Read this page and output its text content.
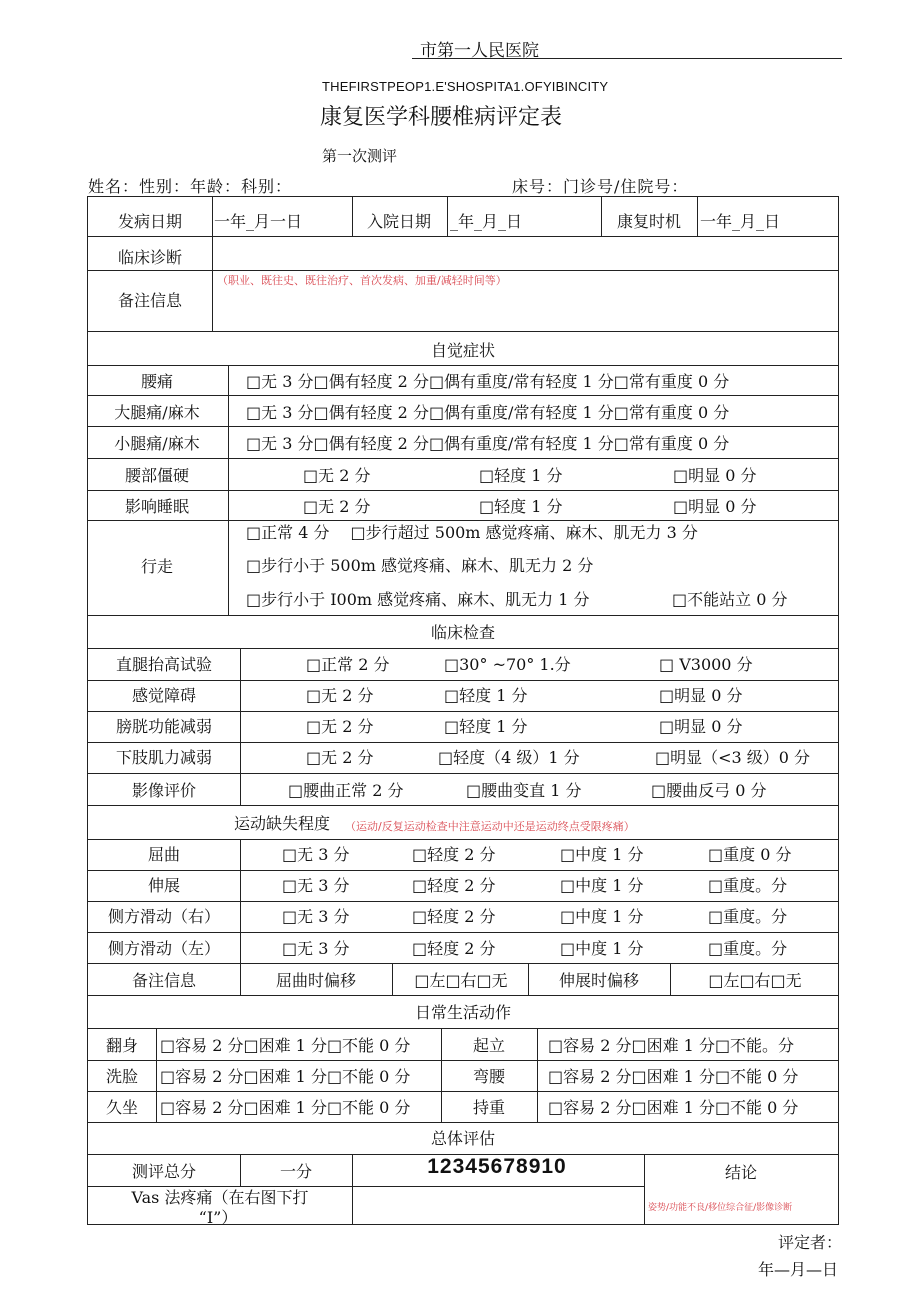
市第一人民医院
THEFIRSTPEOP1.E'SHOSPITA1.OFYIBINCITY
康复医学科腰椎病评定表
第一次测评
姓名：性别：年龄：科别：	床号：门诊号/住院号：
发病日期 一年_月一日	入院日期 _年_月_日	康复时机 一年_月_日
临床诊断
备注信息
（职业、既往史、既往治疗、首次发病、加重/减轻时间等）
自觉症状
腰痛	□无 3 分□偶有轻度 2 分□偶有重度/常有轻度 1 分□常有重度 0 分
大腿痛/麻木	□无 3 分□偶有轻度 2 分□偶有重度/常有轻度 1 分□常有重度 0 分
小腿痛/麻木	□无 3 分□偶有轻度 2 分□偶有重度/常有轻度 1 分□常有重度 0 分
腰部僵硬	□无 2 分	□轻度 1 分	□明显 0 分
影响睡眠	□无 2 分	□轻度 1 分	□明显 0 分
行走
□正常 4 分　 □步行超过 500m 感觉疼痛、麻木、肌无力 3 分
□步行小于 500m 感觉疼痛、麻木、肌无力 2 分
□步行小于 I00m 感觉疼痛、麻木、肌无力 1 分	□不能站立 0 分
临床检查
直腿抬高试验	□正常 2 分	□30° ~70° 1.分	□ V3000 分
感觉障碍	□无 2 分	□轻度 1 分	□明显 0 分
膀胱功能减弱	□无 2 分	□轻度 1 分	□明显 0 分
下肢肌力减弱	□无 2 分	□轻度（4 级）1 分	□明显（<3 级）0 分
影像评价	□腰曲正常 2 分	□腰曲变直 1 分	□腰曲反弓 0 分
运动缺失程度 （运动/反复运动检查中注意运动中还是运动终点受限疼痛）
屈曲	□无 3 分	□轻度 2 分	□中度 1 分	□重度 0 分
伸展	□无 3 分	□轻度 2 分	□中度 1 分	□重度。分
侧方滑动（右）	□无 3 分	□轻度 2 分	□中度 1 分	□重度。分
侧方滑动（左）	□无 3 分	□轻度 2 分	□中度 1 分	□重度。分
备注信息	屈曲时偏移	□左□右□无	伸展时偏移	□左□右□无
日常生活动作
翻身 □容易 2 分□困难 1 分□不能 0 分	起立	□容易 2 分□困难 1 分□不能。分
洗脸 □容易 2 分□困难 1 分□不能 0 分	弯腰	□容易 2 分□困难 1 分□不能 0 分
久坐 □容易 2 分□困难 1 分□不能 0 分	持重	□容易 2 分□困难 1 分□不能 0 分
总体评估
测评总分	一分	12345678910	结论
Vas 法疼痛（在右图下打
“I”）	姿势/功能不良/移位综合征/影像诊断
评定者：
年—月—日
